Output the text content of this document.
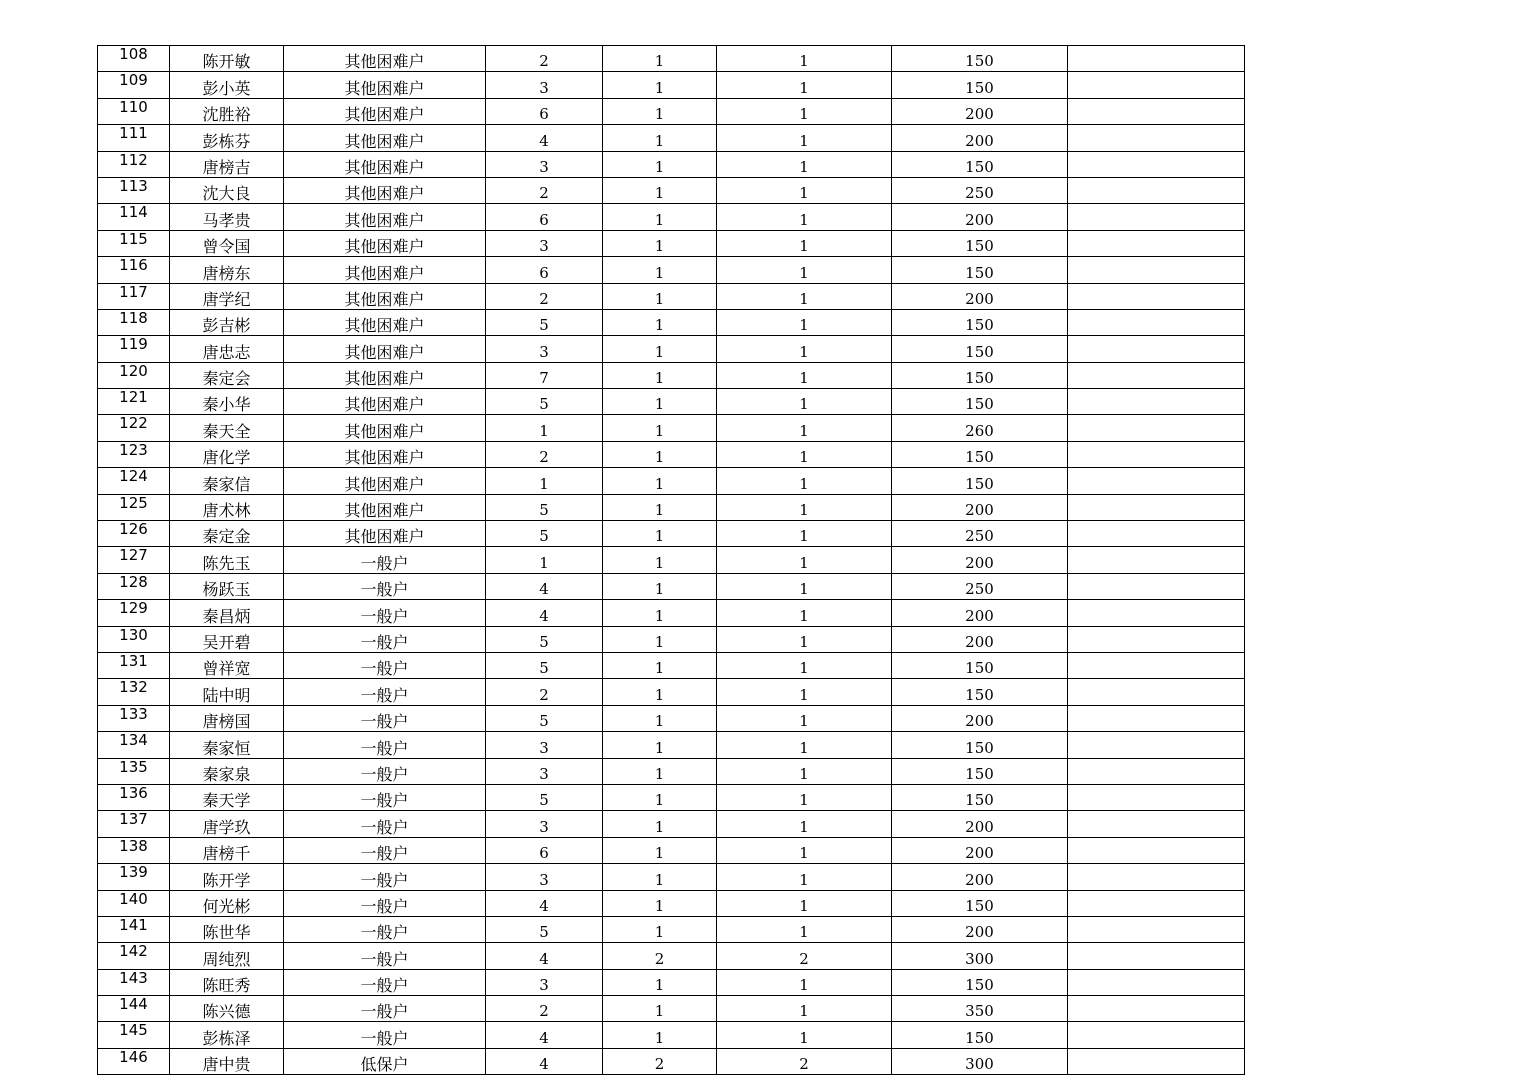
108	陈开敏	其他困难户	2	1	1	150	
109	彭小英	其他困难户	3	1	1	150	
110	沈胜裕	其他困难户	6	1	1	200	
111	彭栋芬	其他困难户	4	1	1	200	
112	唐榜吉	其他困难户	3	1	1	150	
113	沈大良	其他困难户	2	1	1	250	
114	马孝贵	其他困难户	6	1	1	200	
115	曾令国	其他困难户	3	1	1	150	
116	唐榜东	其他困难户	6	1	1	150	
117	唐学纪	其他困难户	2	1	1	200	
118	彭吉彬	其他困难户	5	1	1	150	
119	唐忠志	其他困难户	3	1	1	150	
120	秦定会	其他困难户	7	1	1	150	
121	秦小华	其他困难户	5	1	1	150	
122	秦天全	其他困难户	1	1	1	260	
123	唐化学	其他困难户	2	1	1	150	
124	秦家信	其他困难户	1	1	1	150	
125	唐术林	其他困难户	5	1	1	200	
126	秦定金	其他困难户	5	1	1	250	
127	陈先玉	一般户	1	1	1	200	
128	杨跃玉	一般户	4	1	1	250	
129	秦昌炳	一般户	4	1	1	200	
130	吴开碧	一般户	5	1	1	200	
131	曾祥宽	一般户	5	1	1	150	
132	陆中明	一般户	2	1	1	150	
133	唐榜国	一般户	5	1	1	200	
134	秦家恒	一般户	3	1	1	150	
135	秦家泉	一般户	3	1	1	150	
136	秦天学	一般户	5	1	1	150	
137	唐学玖	一般户	3	1	1	200	
138	唐榜千	一般户	6	1	1	200	
139	陈开学	一般户	3	1	1	200	
140	何光彬	一般户	4	1	1	150	
141	陈世华	一般户	5	1	1	200	
142	周纯烈	一般户	4	2	2	300	
143	陈旺秀	一般户	3	1	1	150	
144	陈兴德	一般户	2	1	1	350	
145	彭栋泽	一般户	4	1	1	150	
146	唐中贵	低保户	4	2	2	300	
